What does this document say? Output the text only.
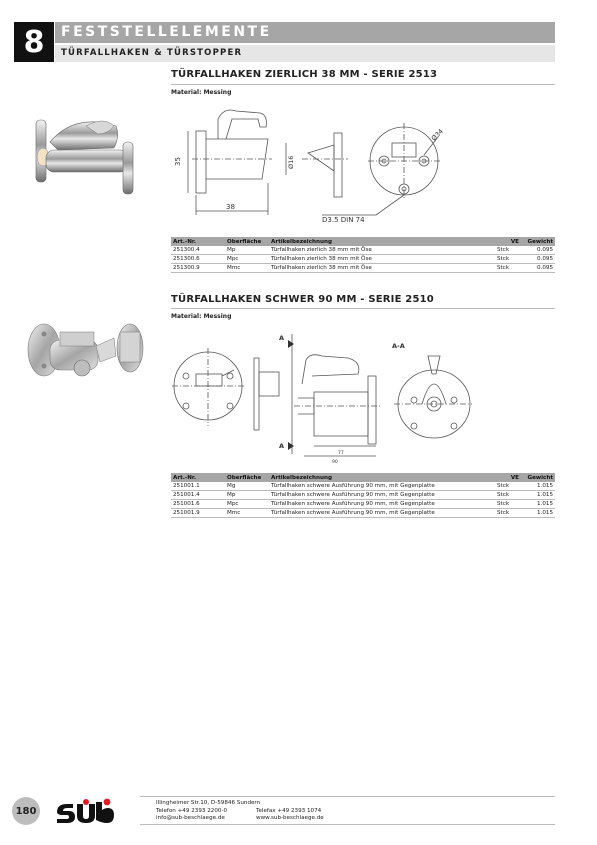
8	FESTSTELLELEMENTE
TÜRFALLHAKEN & TÜRSTOPPER
TÜRFALLHAKEN ZIERLICH 38 MM - SERIE 2513
Material: Messing
35
38
Ø16
Ø34
D3.5 DIN 74
Art.-Nr.	Oberfläche	Artikelbezeichnung	VE	Gewicht
251300.4	Mp	Türfallhaken zierlich 38 mm mit Öse	Stck	0.095
251300.6	Mpc	Türfallhaken zierlich 38 mm mit Öse	Stck	0.095
251300.9	Mmc	Türfallhaken zierlich 38 mm mit Öse	Stck	0.095
TÜRFALLHAKEN SCHWER 90 MM - SERIE 2510
Material: Messing
A
A
A-A
77
90
Art.-Nr.	Oberfläche	Artikelbezeichnung	VE	Gewicht
251001.1	Mg	Türfallhaken schwere Ausführung 90 mm, mit Gegenplatte	Stck	1.015
251001.4	Mp	Türfallhaken schwere Ausführung 90 mm, mit Gegenplatte	Stck	1.015
251001.6	Mpc	Türfallhaken schwere Ausführung 90 mm, mit Gegenplatte	Stck	1.015
251001.9	Mmc	Türfallhaken schwere Ausführung 90 mm, mit Gegenplatte	Stck	1.015
180
Illingheimer Str.10, D-59846 Sundern
Telefon +49 2393 2200-0
info@sub-beschlaege.de
Telefax +49 2393 1074
www.sub-beschlaege.de
